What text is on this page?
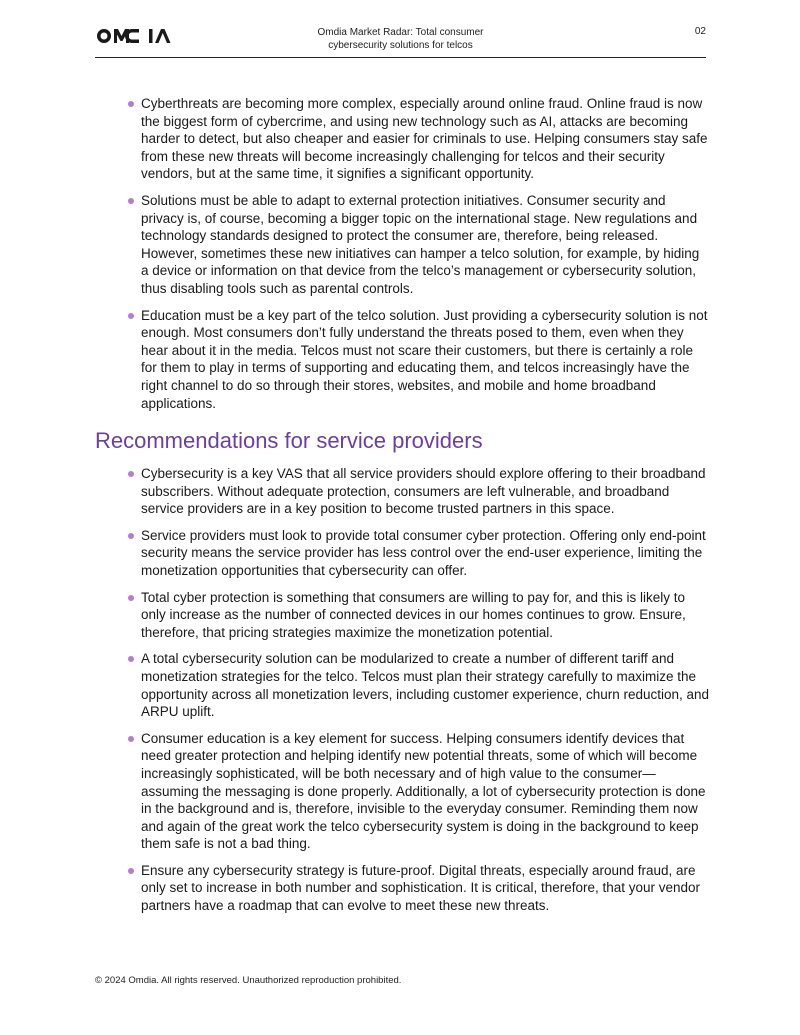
Omdia Market Radar: Total consumer cybersecurity solutions for telcos
02
Cyberthreats are becoming more complex, especially around online fraud. Online fraud is now the biggest form of cybercrime, and using new technology such as AI, attacks are becoming harder to detect, but also cheaper and easier for criminals to use. Helping consumers stay safe from these new threats will become increasingly challenging for telcos and their security vendors, but at the same time, it signifies a significant opportunity.
Solutions must be able to adapt to external protection initiatives. Consumer security and privacy is, of course, becoming a bigger topic on the international stage. New regulations and technology standards designed to protect the consumer are, therefore, being released. However, sometimes these new initiatives can hamper a telco solution, for example, by hiding a device or information on that device from the telco’s management or cybersecurity solution, thus disabling tools such as parental controls.
Education must be a key part of the telco solution. Just providing a cybersecurity solution is not enough. Most consumers don’t fully understand the threats posed to them, even when they hear about it in the media. Telcos must not scare their customers, but there is certainly a role for them to play in terms of supporting and educating them, and telcos increasingly have the right channel to do so through their stores, websites, and mobile and home broadband applications.
Recommendations for service providers
Cybersecurity is a key VAS that all service providers should explore offering to their broadband subscribers. Without adequate protection, consumers are left vulnerable, and broadband service providers are in a key position to become trusted partners in this space.
Service providers must look to provide total consumer cyber protection. Offering only end-point security means the service provider has less control over the end-user experience, limiting the monetization opportunities that cybersecurity can offer.
Total cyber protection is something that consumers are willing to pay for, and this is likely to only increase as the number of connected devices in our homes continues to grow. Ensure, therefore, that pricing strategies maximize the monetization potential.
A total cybersecurity solution can be modularized to create a number of different tariff and monetization strategies for the telco. Telcos must plan their strategy carefully to maximize the opportunity across all monetization levers, including customer experience, churn reduction, and ARPU uplift.
Consumer education is a key element for success. Helping consumers identify devices that need greater protection and helping identify new potential threats, some of which will become increasingly sophisticated, will be both necessary and of high value to the consumer—assuming the messaging is done properly. Additionally, a lot of cybersecurity protection is done in the background and is, therefore, invisible to the everyday consumer. Reminding them now and again of the great work the telco cybersecurity system is doing in the background to keep them safe is not a bad thing.
Ensure any cybersecurity strategy is future-proof. Digital threats, especially around fraud, are only set to increase in both number and sophistication. It is critical, therefore, that your vendor partners have a roadmap that can evolve to meet these new threats.
© 2024 Omdia. All rights reserved. Unauthorized reproduction prohibited.
